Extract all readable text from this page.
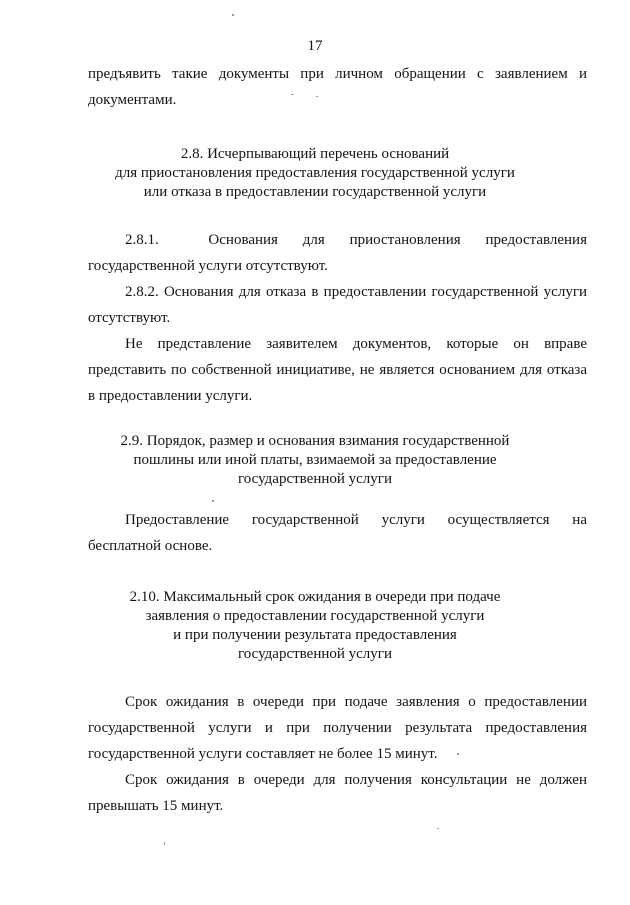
17
предъявить такие документы при личном обращении с заявлением и
документами.
2.8. Исчерпывающий перечень оснований
для приостановления предоставления государственной услуги
или отказа в предоставлении государственной услуги
2.8.1.  Основания для приостановления предоставления
государственной услуги отсутствуют.
2.8.2. Основания для отказа в предоставлении государственной услуги
отсутствуют.
Не представление заявителем документов, которые он вправе
представить по собственной инициативе, не является основанием для отказа
в предоставлении услуги.
2.9. Порядок, размер и основания взимания государственной
пошлины или иной платы, взимаемой за предоставление
государственной услуги
Предоставление государственной услуги осуществляется на
бесплатной основе.
2.10. Максимальный срок ожидания в очереди при подаче
заявления о предоставлении государственной услуги
и при получении результата предоставления
государственной услуги
Срок ожидания в очереди при подаче заявления о предоставлении
государственной услуги и при получении результата предоставления
государственной услуги составляет не более 15 минут.
Срок ожидания в очереди для получения консультации не должен
превышать 15 минут.
